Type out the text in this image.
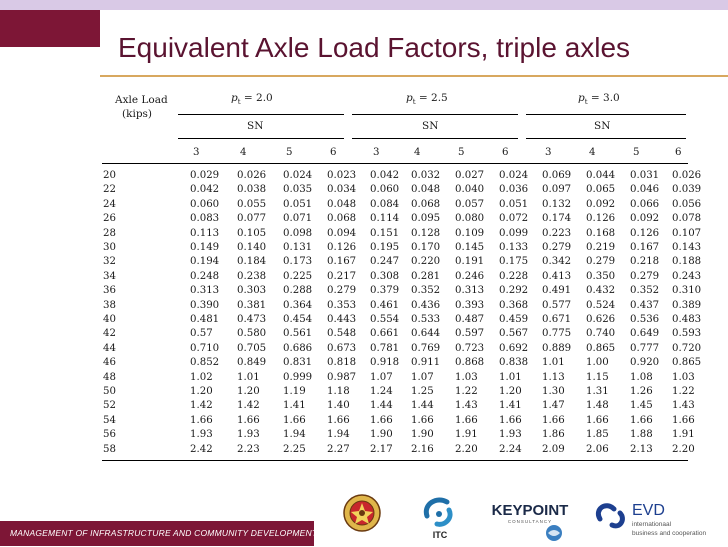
Equivalent Axle Load Factors, triple axles
Axle Load
(kips)
$p_t = 2.0$	$p_t = 2.5$	$p_t = 3.0$
SN	SN	SN
3	4	5	6	3	4	5	6	3	4	5	6
20	0.029 0.026 0.024 0.023 0.042 0.032 0.027 0.024 0.069 0.044 0.031 0.026
22	0.042 0.038 0.035 0.034 0.060 0.048 0.040 0.036 0.097 0.065 0.046 0.039
24	0.060 0.055 0.051 0.048 0.084 0.068 0.057 0.051 0.132 0.092 0.066 0.056
26	0.083 0.077 0.071 0.068 0.114 0.095 0.080 0.072 0.174 0.126 0.092 0.078
28	0.113 0.105 0.098 0.094 0.151 0.128 0.109 0.099 0.223 0.168 0.126 0.107
30	0.149 0.140 0.131 0.126 0.195 0.170 0.145 0.133 0.279 0.219 0.167 0.143
32	0.194 0.184 0.173 0.167 0.247 0.220 0.191 0.175 0.342 0.279 0.218 0.188
34	0.248 0.238 0.225 0.217 0.308 0.281 0.246 0.228 0.413 0.350 0.279 0.243
36	0.313 0.303 0.288 0.279 0.379 0.352 0.313 0.292 0.491 0.432 0.352 0.310
38	0.390 0.381 0.364 0.353 0.461 0.436 0.393 0.368 0.577 0.524 0.437 0.389
40	0.481 0.473 0.454 0.443 0.554 0.533 0.487 0.459 0.671 0.626 0.536 0.483
42	0.57 0.580 0.561 0.548 0.661 0.644 0.597 0.567 0.775 0.740 0.649 0.593
44	0.710 0.705 0.686 0.673 0.781 0.769 0.723 0.692 0.889 0.865 0.777 0.720
46	0.852 0.849 0.831 0.818 0.918 0.911 0.868 0.838 1.01 1.00 0.920 0.865
48	1.02 1.01 0.999 0.987 1.07 1.07 1.03 1.01 1.13 1.15 1.08 1.03
50	1.20 1.20 1.19 1.18 1.24 1.25 1.22 1.20 1.30 1.31 1.26 1.22
52	1.42 1.42 1.41 1.40 1.44 1.44 1.43 1.41 1.47 1.48 1.45 1.43
54	1.66 1.66 1.66 1.66 1.66 1.66 1.66 1.66 1.66 1.66 1.66 1.66
56	1.93 1.93 1.94 1.94 1.90 1.90 1.91 1.93 1.86 1.85 1.88 1.91
58	2.42 2.23 2.25 2.27 2.17 2.16 2.20 2.24 2.09 2.06 2.13 2.20
MANAGEMENT OF INFRASTRUCTURE AND COMMUNITY DEVELOPMENT	ITC
KEYPOINT
CONSULTANCY
EVD
internationaal
business and cooperation
